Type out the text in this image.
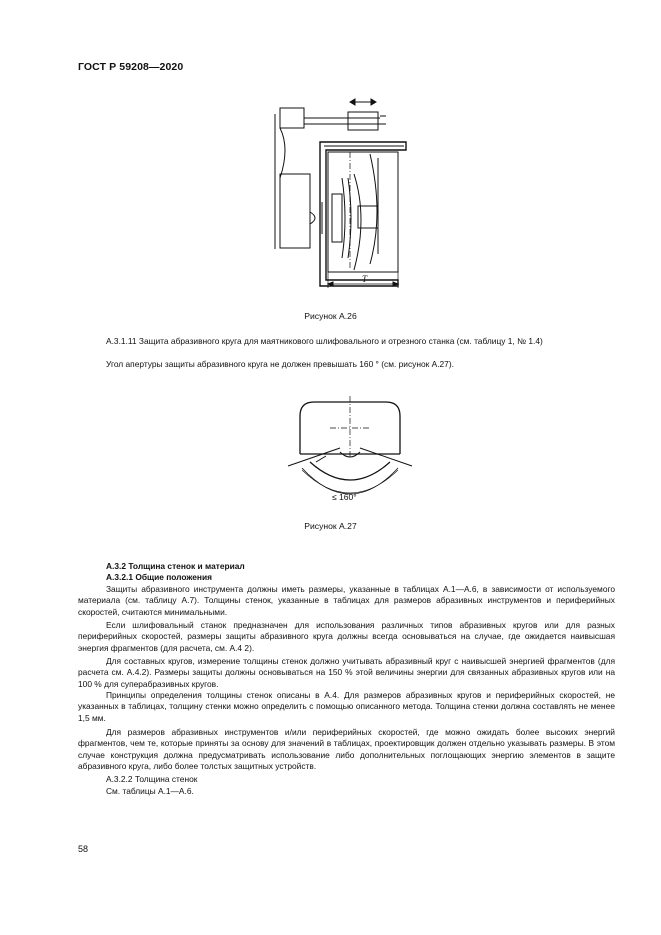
ГОСТ Р 59208—2020
T
Рисунок А.26
А.3.1.11 Защита абразивного круга для маятникового шлифовального и отрезного станка (см. таблицу 1, № 1.4)
Угол апертуры защиты абразивного круга не должен превышать 160 ° (см. рисунок А.27).
≤ 160°
Рисунок А.27
А.3.2 Толщина стенок и материал
А.3.2.1 Общие положения
Защиты абразивного инструмента должны иметь размеры, указанные в таблицах А.1—А.6, в зависимости от используемого материала (см. таблицу А.7). Толщины стенок, указанные в таблицах для размеров абразивных инструментов и периферийных скоростей, считаются минимальными.
Если шлифовальный станок предназначен для использования различных типов абразивных кругов или для разных периферийных скоростей, размеры защиты абразивного круга должны всегда основываться на случае, где ожидается наивысшая энергия фрагментов (для расчета, см. А.4 2).
Для составных кругов, измерение толщины стенок должно учитывать абразивный круг с наивысшей энергией фрагментов (для расчета см. А.4.2). Размеры защиты должны основываться на 150 % этой величины энергии для связанных абразивных кругов или на 100 % для суперабразивных кругов.
Принципы определения толщины стенок описаны в А.4. Для размеров абразивных кругов и периферийных скоростей, не указанных в таблицах, толщину стенки можно определить с помощью описанного метода. Толщина стенки должна составлять не менее 1,5 мм.
Для размеров абразивных инструментов и/или периферийных скоростей, где можно ожидать более высоких энергий фрагментов, чем те, которые приняты за основу для значений в таблицах, проектировщик должен отдельно указывать размеры. В этом случае конструкция должна предусматривать использование либо дополнительных поглощающих энергию элементов в защите абразивного круга, либо более толстых защитных устройств.
А.3.2.2 Толщина стенок
См. таблицы А.1—А.6.
58
